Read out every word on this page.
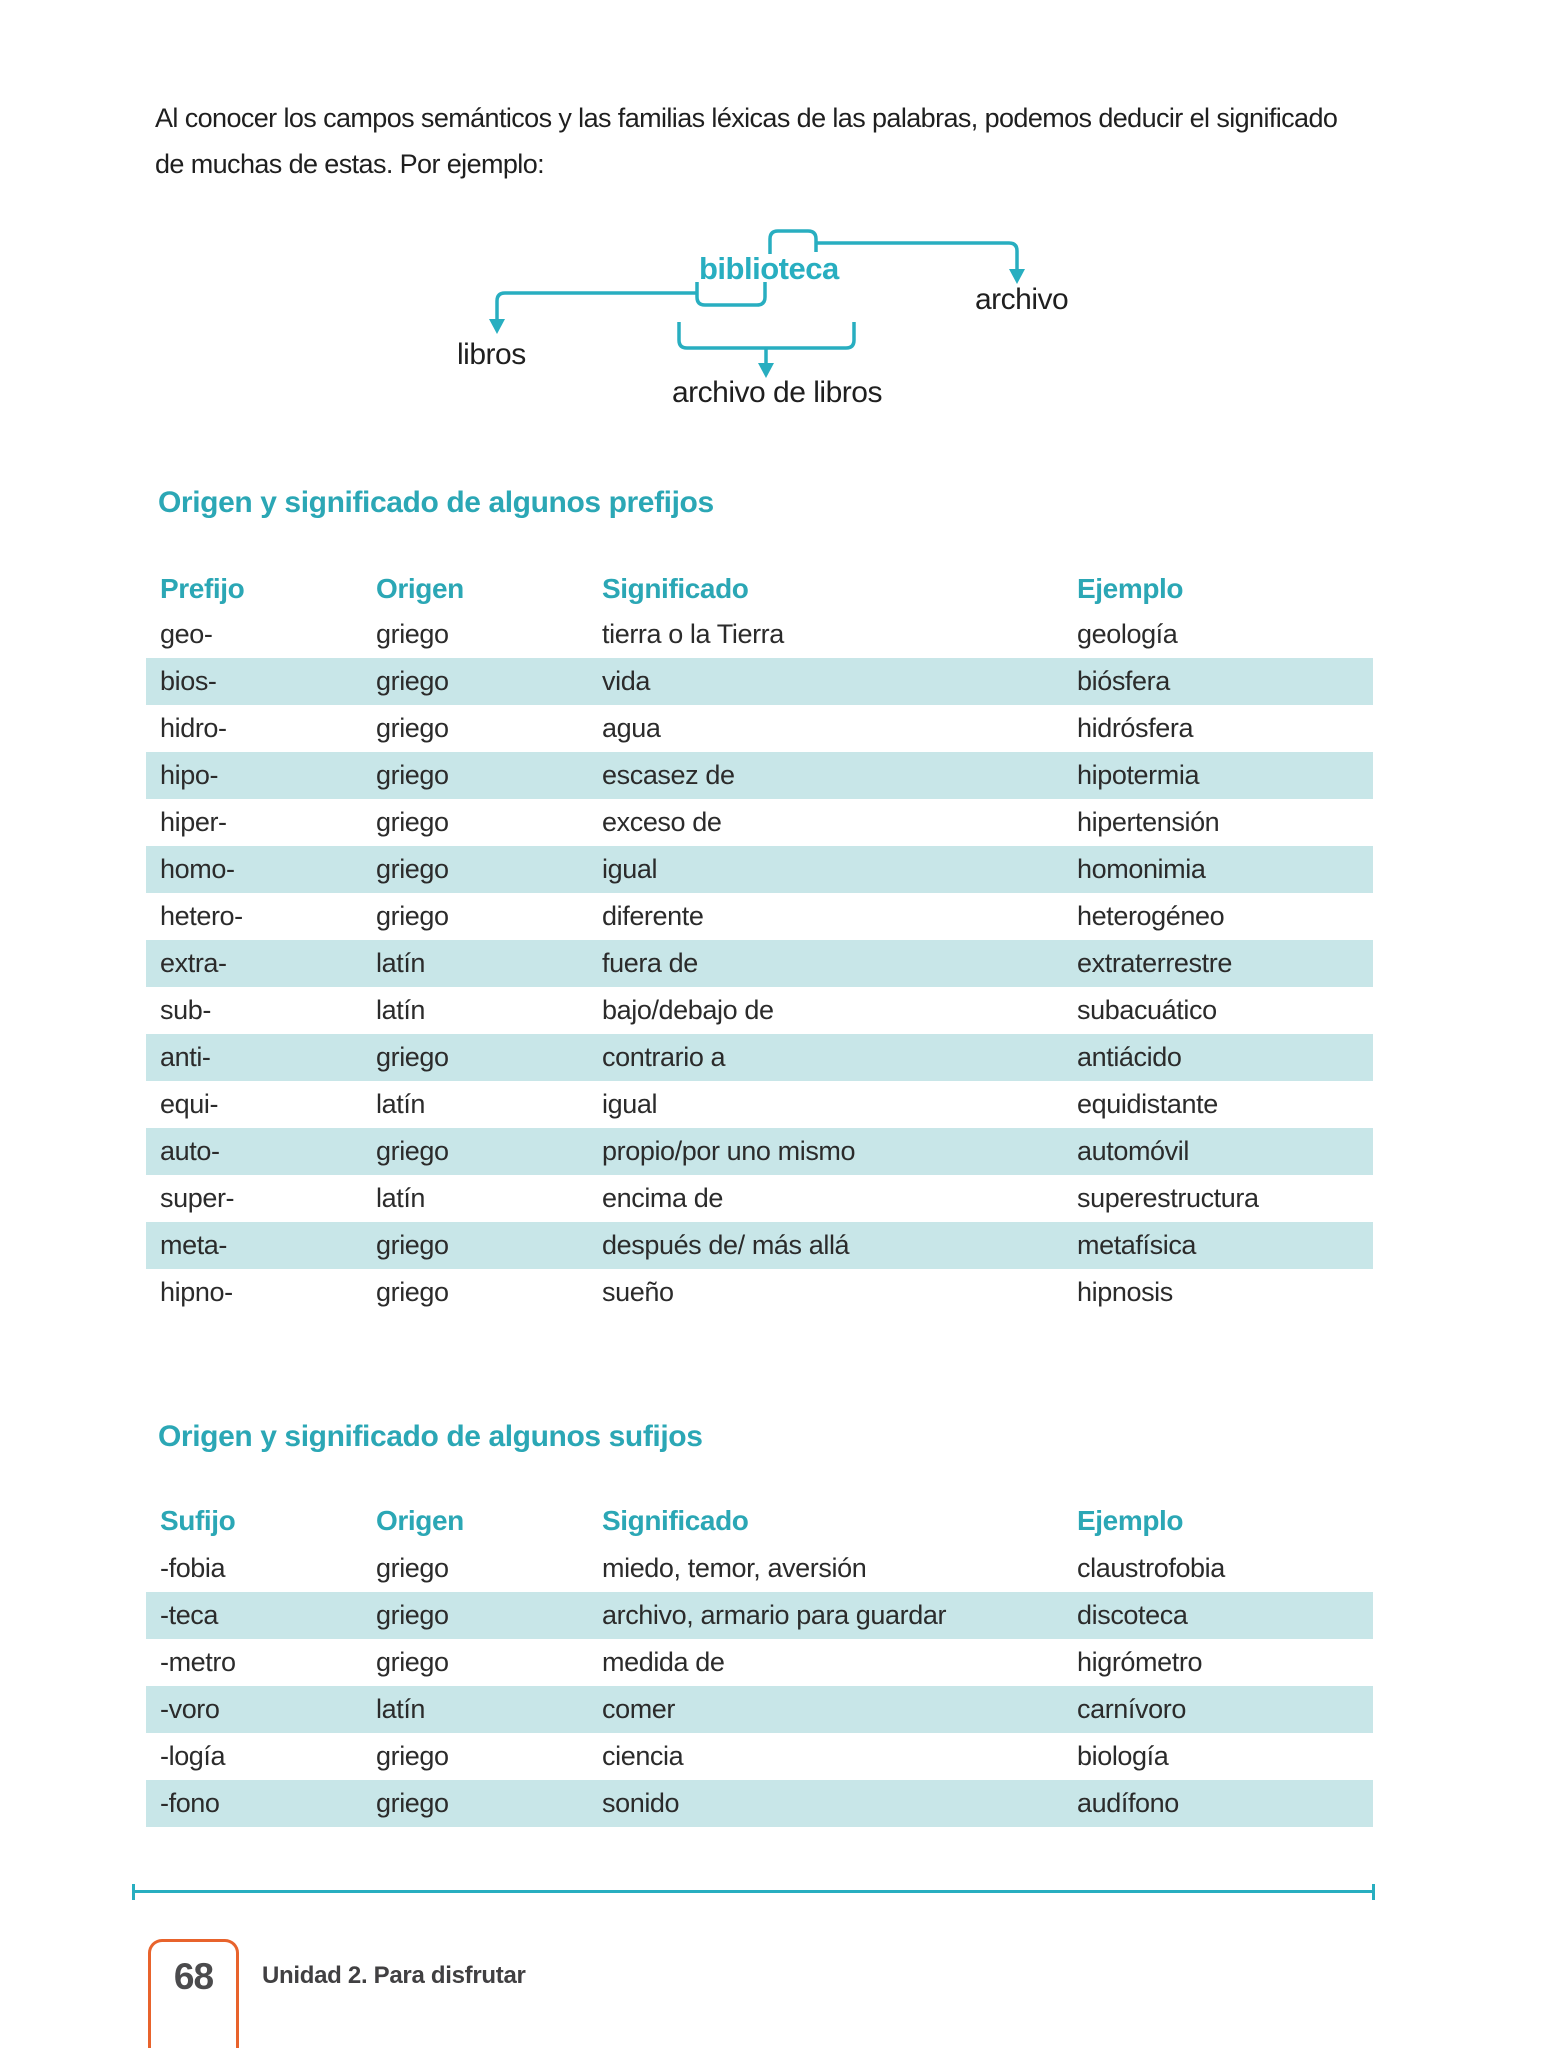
Al conocer los campos semánticos y las familias léxicas de las palabras, podemos deducir el significado
de muchas de estas. Por ejemplo:

biblioteca
archivo
libros
archivo de libros
Origen y significado de algunos prefijos
Prefijo	Origen	Significado	Ejemplo
geo-	griego	tierra o la Tierra	geología
bios-	griego	vida	biósfera
hidro-	griego	agua	hidrósfera
hipo-	griego	escasez de	hipotermia
hiper-	griego	exceso de	hipertensión
homo-	griego	igual	homonimia
hetero-	griego	diferente	heterogéneo
extra-	latín	fuera de	extraterrestre
sub-	latín	bajo/debajo de	subacuático
anti-	griego	contrario a	antiácido
equi-	latín	igual	equidistante
auto-	griego	propio/por uno mismo	automóvil
super-	latín	encima de	superestructura
meta-	griego	después de/ más allá	metafísica
hipno-	griego	sueño	hipnosis
Origen y significado de algunos sufijos
Sufijo	Origen	Significado	Ejemplo
-fobia	griego	miedo, temor, aversión	claustrofobia
-teca	griego	archivo, armario para guardar	discoteca
-metro	griego	medida de	higrómetro
-voro	latín	comer	carnívoro
-logía	griego	ciencia	biología
-fono	griego	sonido	audífono
68	Unidad 2. Para disfrutar
